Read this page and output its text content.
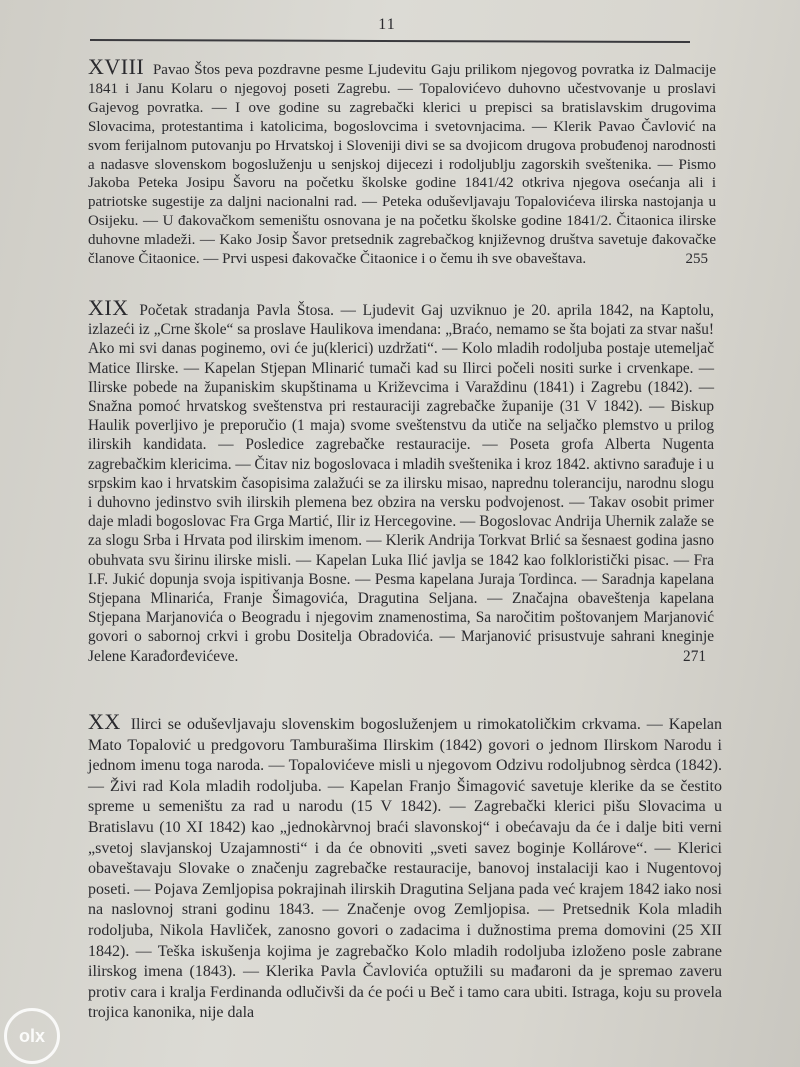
11
XVIII Pavao Štos peva pozdravne pesme Ljudevitu Gaju prilikom njegovog povratka iz Dalmacije 1841 i Janu Kolaru o njegovoj poseti Zagrebu. — Topalovićevo duhovno učestvovanje u proslavi Gajevog povratka. — I ove godine su zagrebački klerici u prepisci sa bratislavskim drugovima Slovacima, protestantima i katolicima, bogoslovcima i svetovnjacima. — Klerik Pavao Čavlović na svom ferijalnom putovanju po Hrvatskoj i Sloveniji divi se sa dvojicom drugova probuđenoj narodnosti a nadasve slovenskom bogosluženju u senjskoj dijecezi i rodoljublju zagorskih sveštenika. — Pismo Jakoba Peteka Josipu Šavoru na početku školske godine 1841/42 otkriva njegova osećanja ali i patriotske sugestije za daljni nacionalni rad. — Peteka oduševljavaju Topalovićeva ilirska nastojanja u Osijeku. — U đakovačkom semeništu osnovana je na početku školske godine 1841/2. Čitaonica ilirske duhovne mladeži. — Kako Josip Šavor pretsednik zagrebačkog književnog društva savetuje đakovačke članove Čitaonice. — Prvi uspesi đakovačke Čitaonice i o čemu ih sve obaveštava.	255
XIX Početak stradanja Pavla Štosa. — Ljudevit Gaj uzviknuo je 20. aprila 1842, na Kaptolu, izlazeći iz „Crne škole“ sa proslave Haulikova imendana: „Braćo, nemamo se šta bojati za stvar našu! Ako mi svi danas poginemo, ovi će ju(klerici) uzdržati“. — Kolo mladih rodoljuba postaje utemeljač Matice Ilirske. — Kapelan Stjepan Mlinarić tumači kad su Ilirci počeli nositi surke i crvenkape. — Ilirske pobede na županiskim skupštinama u Križevcima i Varaždinu (1841) i Zagrebu (1842). — Snažna pomoć hrvatskog sveštenstva pri restauraciji zagrebačke županije (31 V 1842). — Biskup Haulik poverljivo je preporučio (1 maja) svome sveštenstvu da utiče na seljačko plemstvo u prilog ilirskih kandidata. — Posledice zagrebačke restauracije. — Poseta grofa Alberta Nugenta zagrebačkim klericima. — Čitav niz bogoslovaca i mladih sveštenika i kroz 1842. aktivno sarađuje i u srpskim kao i hrvatskim časopisima zalažući se za ilirsku misao, naprednu toleranciju, narodnu slogu i duhovno jedinstvo svih ilirskih plemena bez obzira na versku podvojenost. — Takav osobit primer daje mladi bogoslovac Fra Grga Martić, Ilir iz Hercegovine. — Bogoslovac Andrija Uhernik zalaže se za slogu Srba i Hrvata pod ilirskim imenom. — Klerik Andrija Torkvat Brlić sa šesnaest godina jasno obuhvata svu širinu ilirske misli. — Kapelan Luka Ilić javlja se 1842 kao folkloristički pisac. — Fra I.F. Jukić dopunja svoja ispitivanja Bosne. — Pesma kapelana Juraja Tordinca. — Saradnja kapelana Stjepana Mlinarića, Franje Šimagovića, Dragutina Seljana. — Značajna obaveštenja kapelana Stjepana Marjanovića o Beogradu i njegovim znamenostima, Sa naročitim poštovanjem Marjanović govori o sabornoj crkvi i grobu Dositelja Obradovića. — Marjanović prisustvuje sahrani kneginje Jelene Karađorđevićeve.	271
XX Ilirci se oduševljavaju slovenskim bogosluženjem u rimokatoličkim crkvama. — Kapelan Mato Topalović u predgovoru Tamburašima Ilirskim (1842) govori o jednom Ilirskom Narodu i jednom imenu toga naroda. — Topalovićeve misli u njegovom Odzivu rodoljubnog sèrdca (1842). — Živi rad Kola mladih rodoljuba. — Kapelan Franjo Šimagović savetuje klerike da se čestito spreme u semeništu za rad u narodu (15 V 1842). — Zagrebački klerici pišu Slovacima u Bratislavu (10 XI 1842) kao „jednokàrvnoj braći slavonskoj“ i obećavaju da će i dalje biti verni „svetoj slavjanskoj Uzajamnosti“ i da će obnoviti „sveti savez boginje Kollárove“. — Klerici obaveštavaju Slovake o značenju zagrebačke restauracije, banovoj instalaciji kao i Nugentovoj poseti. — Pojava Zemljopisa pokrajinah ilirskih Dragutina Seljana pada već krajem 1842 iako nosi na naslovnoj strani godinu 1843. — Značenje ovog Zemljopisa. — Pretsednik Kola mladih rodoljuba, Nikola Havliček, zanosno govori o zadacima i dužnostima prema domovini (25 XII 1842). — Teška iskušenja kojima je zagrebačko Kolo mladih rodoljuba izloženo posle zabrane ilirskog imena (1843). — Klerika Pavla Čavlovića optužili su mađaroni da je spremao zaveru protiv cara i kralja Ferdinanda odlučivši da će poći u Beč i tamo cara ubiti. Istraga, koju su provela trojica kanonika, nije dala
olx
